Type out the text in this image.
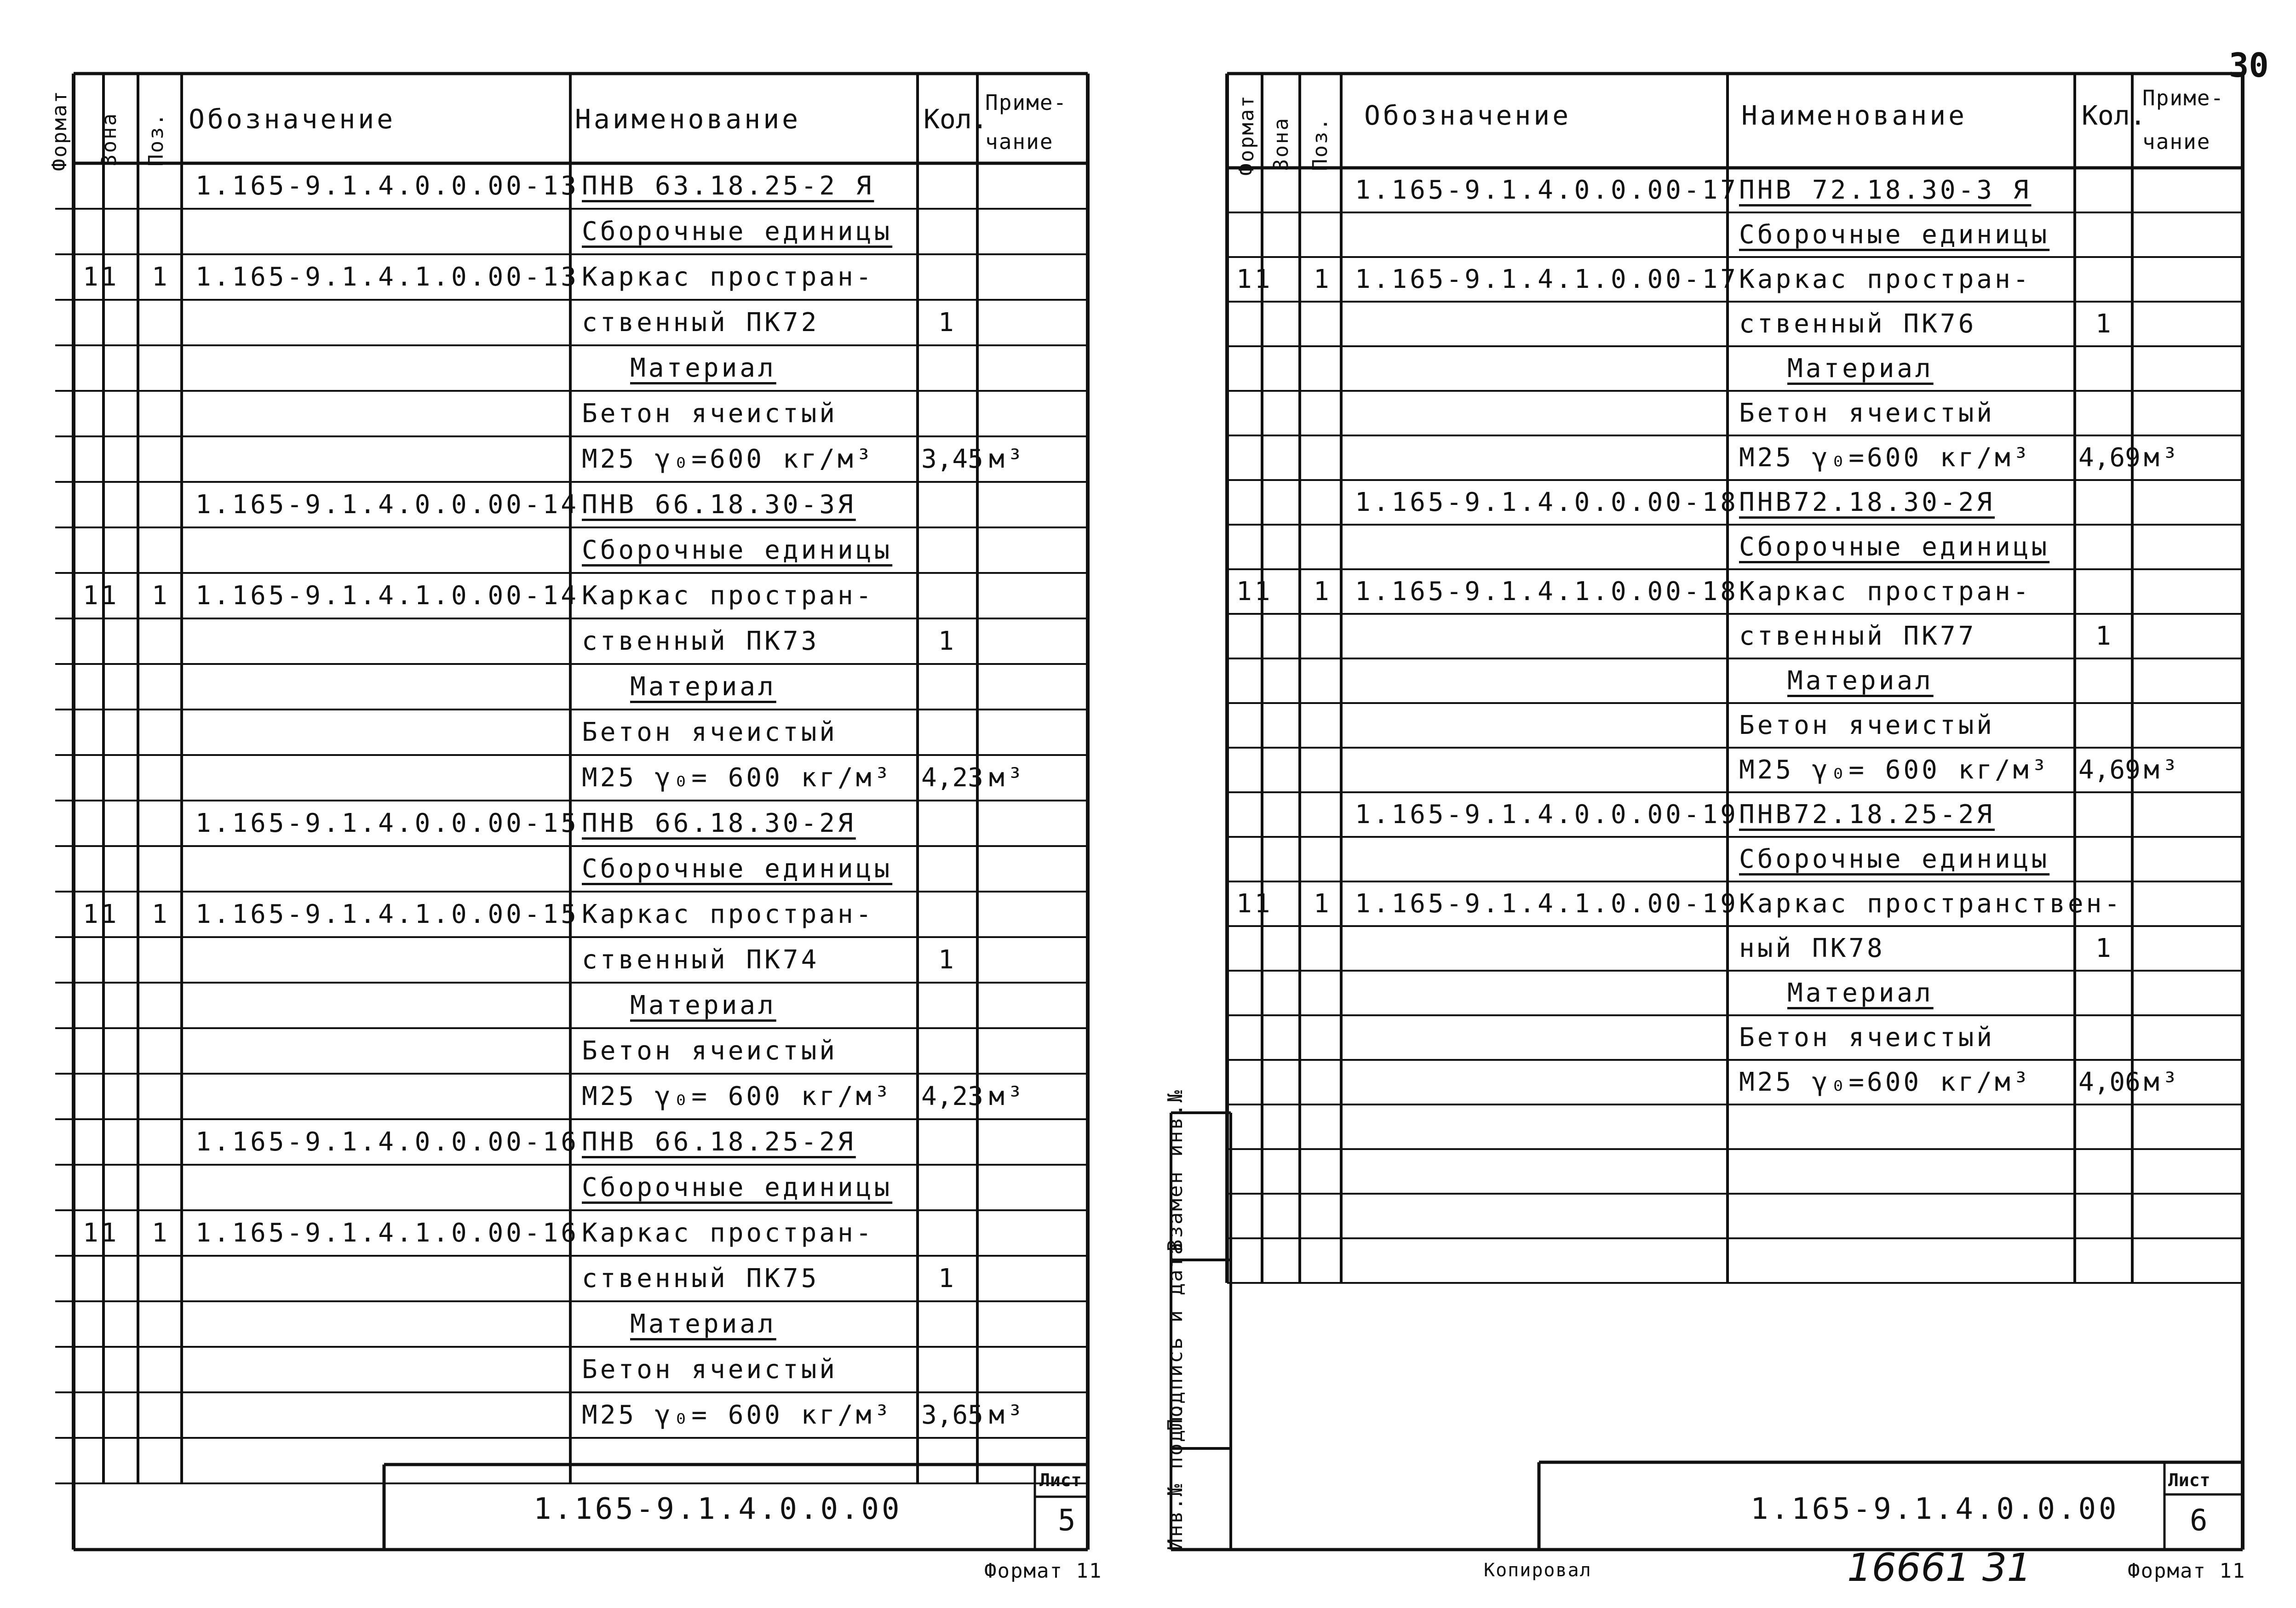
Формат Зона Поз. Обозначение	Наименование	Кол.
Приме-
чание
1.165-9.1.4.0.0.00-13 ПНВ 63.18.25-2 Я
Сборочные единицы
11 1 1.165-9.1.4.1.0.00-13 Каркас простран-
ственный ПК72	1
Материал
Бетон ячеистый
М25 γ₀=600 кг/м³ 3,45 м³
1.165-9.1.4.0.0.00-14 ПНВ 66.18.30-3Я
Сборочные единицы
11 1 1.165-9.1.4.1.0.00-14 Каркас простран-
ственный ПК73	1
Материал
Бетон ячеистый
М25 γ₀= 600 кг/м³ 4,23 м³
1.165-9.1.4.0.0.00-15 ПНВ 66.18.30-2Я
Сборочные единицы
11 1 1.165-9.1.4.1.0.00-15 Каркас простран-
ственный ПК74	1
Материал
Бетон ячеистый
М25 γ₀= 600 кг/м³ 4,23 м³
1.165-9.1.4.0.0.00-16 ПНВ 66.18.25-2Я
Сборочные единицы
11 1 1.165-9.1.4.1.0.00-16 Каркас простран-
ственный ПК75	1
Материал
Бетон ячеистый
М25 γ₀= 600 кг/м³ 3,65 м³
1.165-9.1.4.0.0.00
Лист
5
Формат 11
30
Формат Зона Поз.
Обозначение	Наименование	Кол.
Приме-
чание
1.165-9.1.4.0.0.00-17 ПНВ 72.18.30-3 Я
Сборочные единицы
11 1 1.165-9.1.4.1.0.00-17 Каркас простран-
ственный ПК76	1
Материал
Бетон ячеистый
М25 γ₀=600 кг/м³ 4,69 м³
1.165-9.1.4.0.0.00-18 ПНВ72.18.30-2Я
Сборочные единицы
11 1 1.165-9.1.4.1.0.00-18 Каркас простран-
ственный ПК77	1
Материал
Бетон ячеистый
М25 γ₀= 600 кг/м³ 4,69 м³
1.165-9.1.4.0.0.00-19 ПНВ72.18.25-2Я
Сборочные единицы
11 1 1.165-9.1.4.1.0.00-19 Каркас пространствен-
ный ПК78	1
Материал
Бетон ячеистый
М25 γ₀=600 кг/м³ 4,06 м³
Инв.№ подл.
Подпись и дата
Взамен инв.№
1.165-9.1.4.0.0.00
Лист
6
Копировал	16661 31	Формат 11
